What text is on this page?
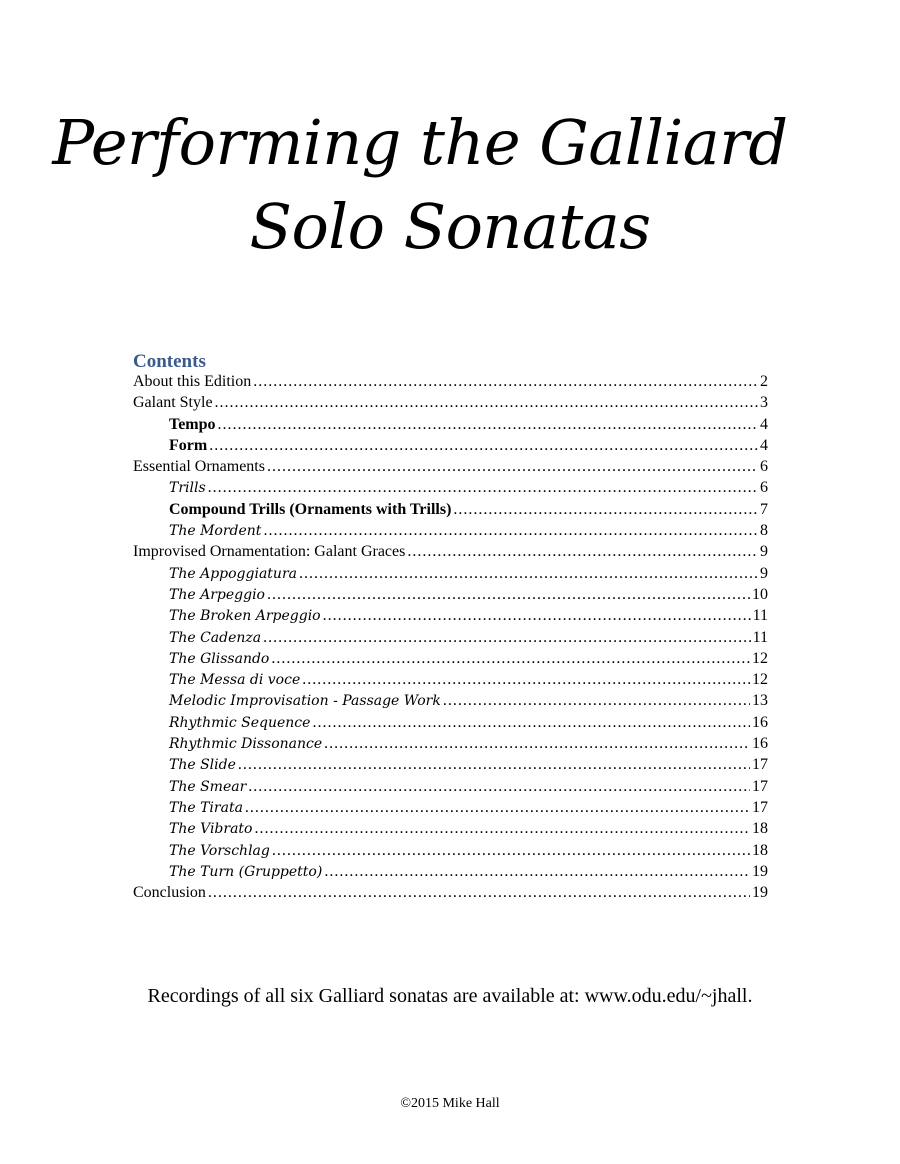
Performing the Galliard
Solo Sonatas
Contents
About this Edition .....	2
Galant Style .....	3
Tempo .....	4
Form .....	4
Essential Ornaments .....	6
Trills .....	6
Compound Trills (Ornaments with Trills) .....	7
The Mordent .....	8
Improvised Ornamentation: Galant Graces .....	9
The Appoggiatura .....	9
The Arpeggio .....	10
The Broken Arpeggio .....	11
The Cadenza .....	11
The Glissando .....	12
The Messa di voce .....	12
Melodic Improvisation - Passage Work .....	13
Rhythmic Sequence .....	16
Rhythmic Dissonance .....	16
The Slide .....	17
The Smear .....	17
The Tirata .....	17
The Vibrato .....	18
The Vorschlag .....	18
The Turn (Gruppetto) .....	19
Conclusion .....	19
Recordings of all six Galliard sonatas are available at: www.odu.edu/~jhall.
©2015 Mike Hall
